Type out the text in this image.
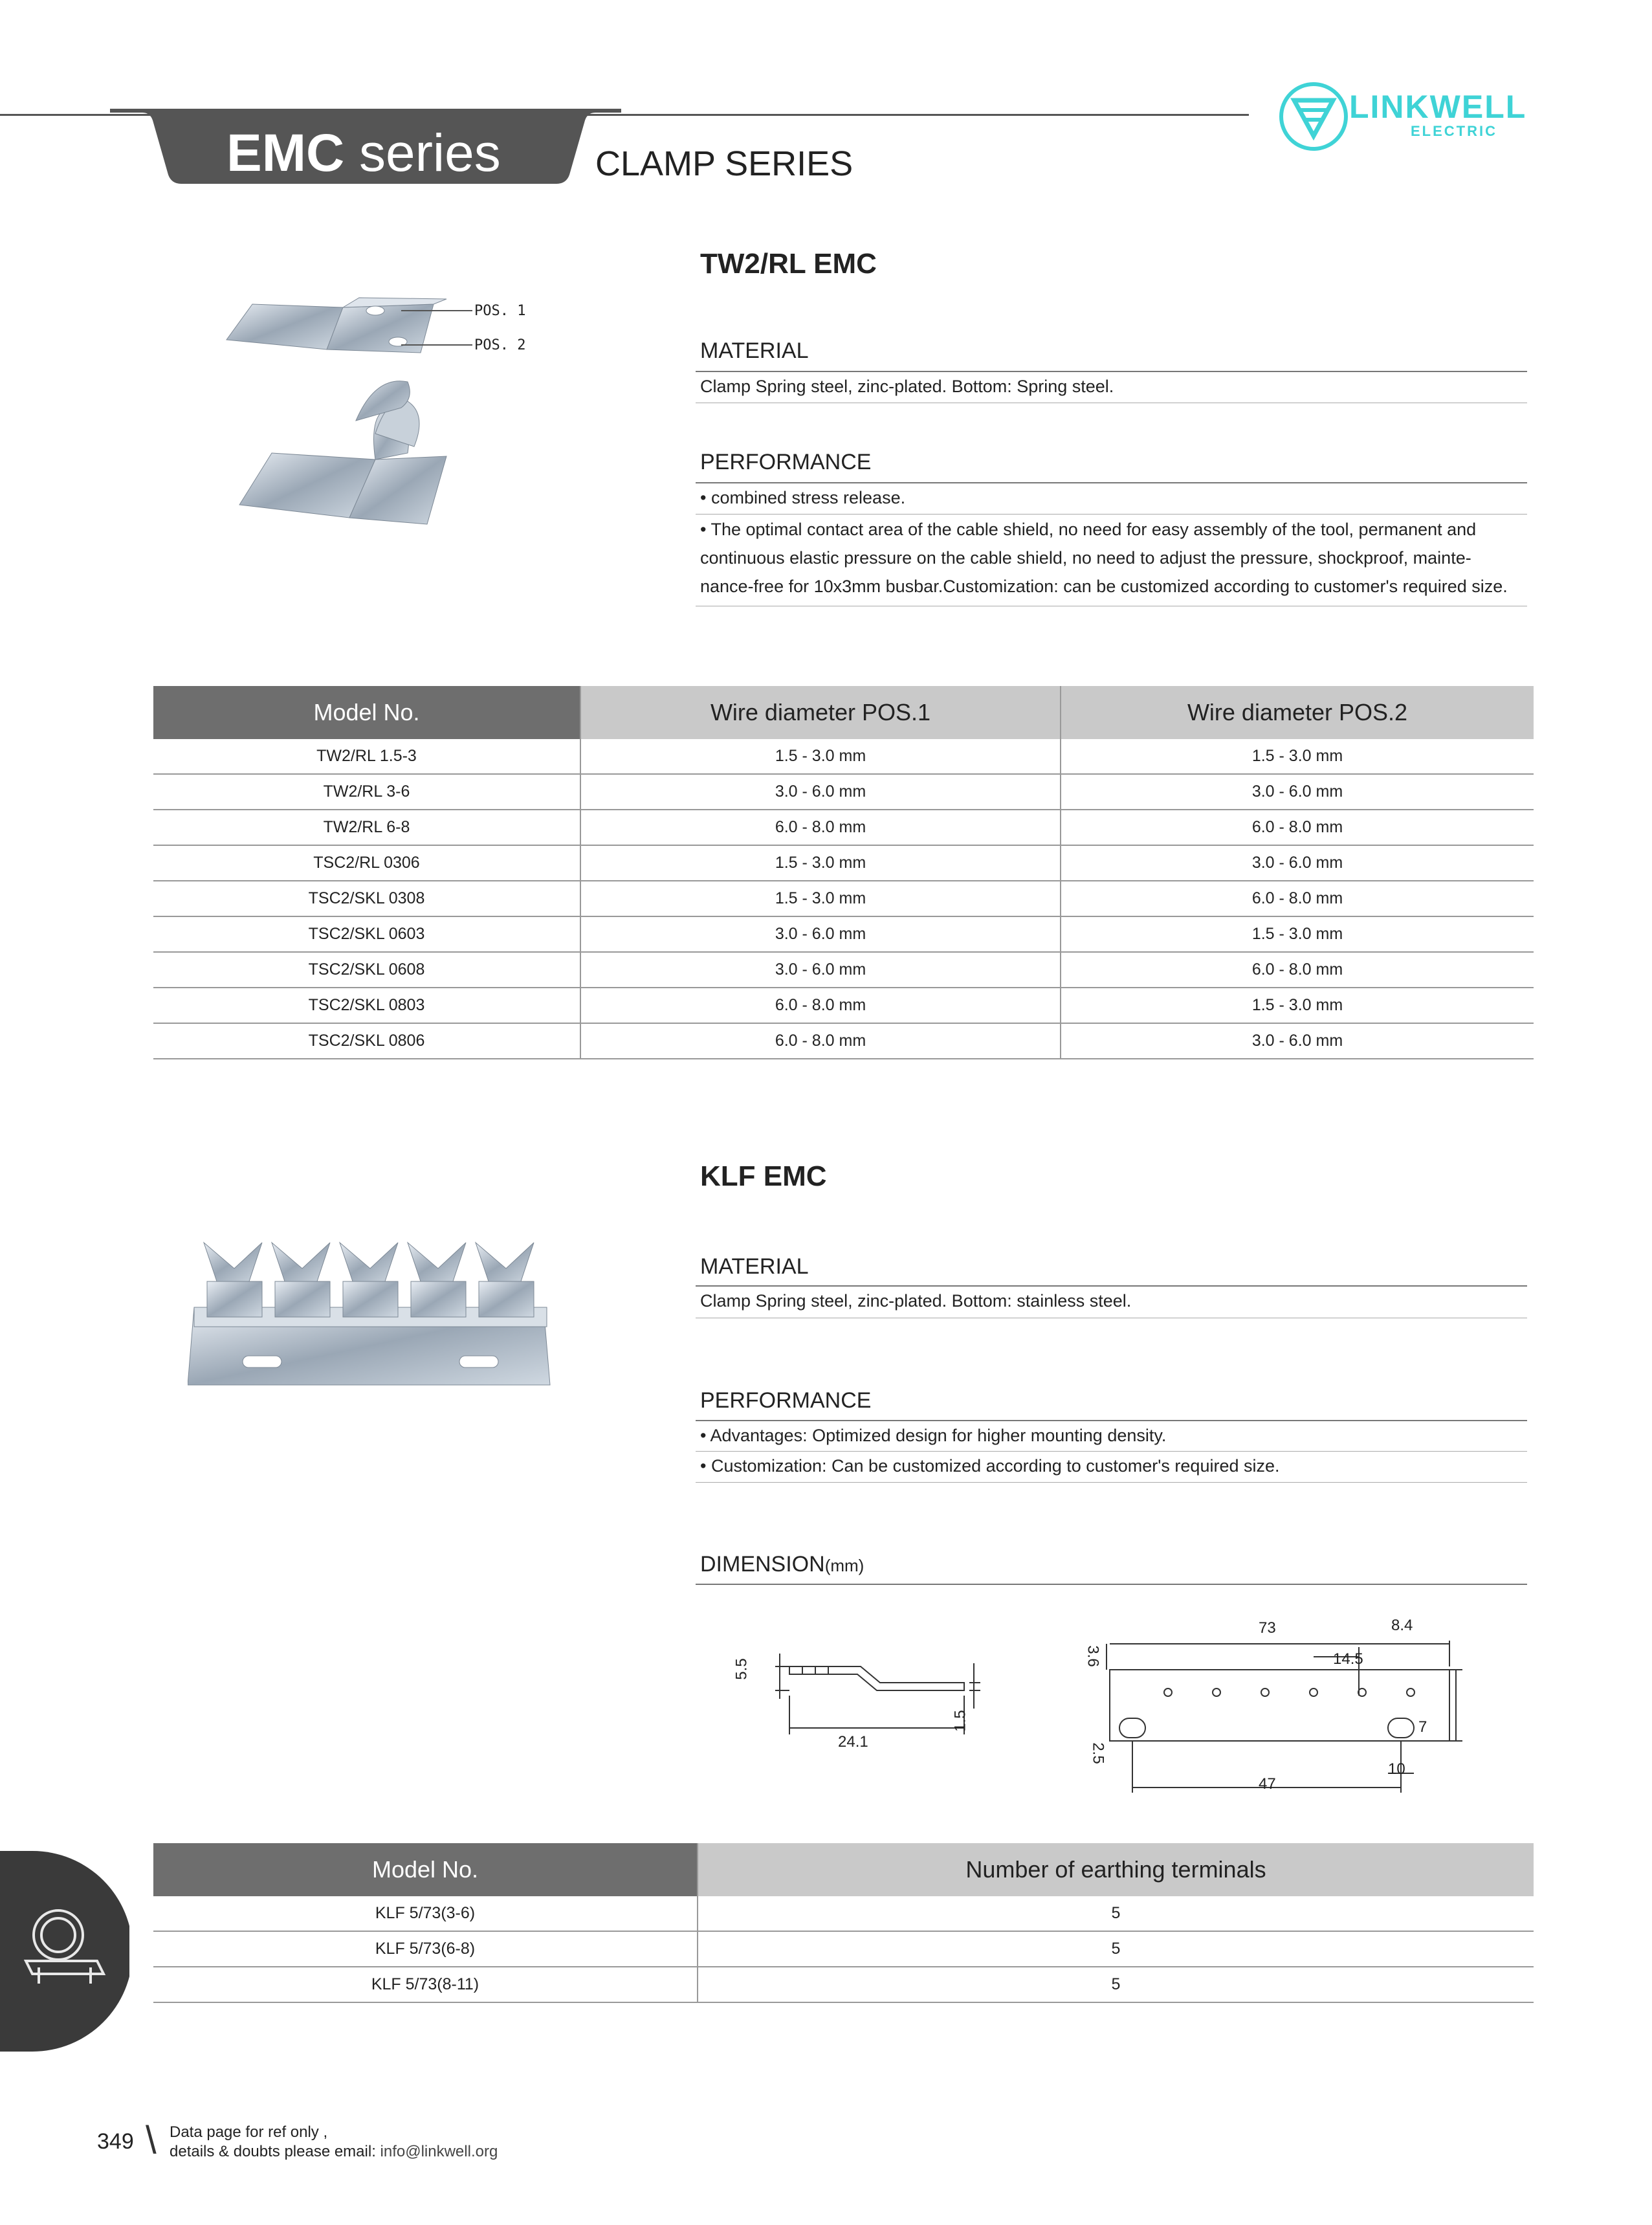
EMC series	CLAMP SERIES
LINKWELL
ELECTRIC
POS. 1
POS. 2
TW2/RL EMC
MATERIAL
Clamp Spring steel, zinc-plated. Bottom: Spring steel.
PERFORMANCE
• combined stress release.
• The optimal contact area of the cable shield, no need for easy assembly of the tool, permanent and
continuous elastic pressure on the cable shield, no need to adjust the pressure, shockproof, mainte-
nance-free for 10x3mm busbar.Customization: can be customized according to customer's required size.
Model No.	Wire diameter POS.1	Wire diameter POS.2
TW2/RL 1.5-3	1.5 - 3.0 mm	1.5 - 3.0 mm
TW2/RL 3-6	3.0 - 6.0 mm	3.0 - 6.0 mm
TW2/RL 6-8	6.0 - 8.0 mm	6.0 - 8.0 mm
TSC2/RL 0306	1.5 - 3.0 mm	3.0 - 6.0 mm
TSC2/SKL 0308	1.5 - 3.0 mm	6.0 - 8.0 mm
TSC2/SKL 0603	3.0 - 6.0 mm	1.5 - 3.0 mm
TSC2/SKL 0608	3.0 - 6.0 mm	6.0 - 8.0 mm
TSC2/SKL 0803	6.0 - 8.0 mm	1.5 - 3.0 mm
TSC2/SKL 0806	6.0 - 8.0 mm	3.0 - 6.0 mm
KLF EMC
MATERIAL
Clamp Spring steel, zinc-plated. Bottom: stainless steel.
PERFORMANCE
• Advantages: Optimized design for higher mounting density.
• Customization: Can be customized according to customer's required size.
DIMENSION(mm)
5.5
24.1
1.5
73	8.4
14.5
3.6
7
2.5
47
10
Model No.	Number of earthing terminals
KLF 5/73(3-6)	5
KLF 5/73(6-8)	5
KLF 5/73(8-11)	5
349 \ Data page for ref only ,
details & doubts please email: info@linkwell.org
